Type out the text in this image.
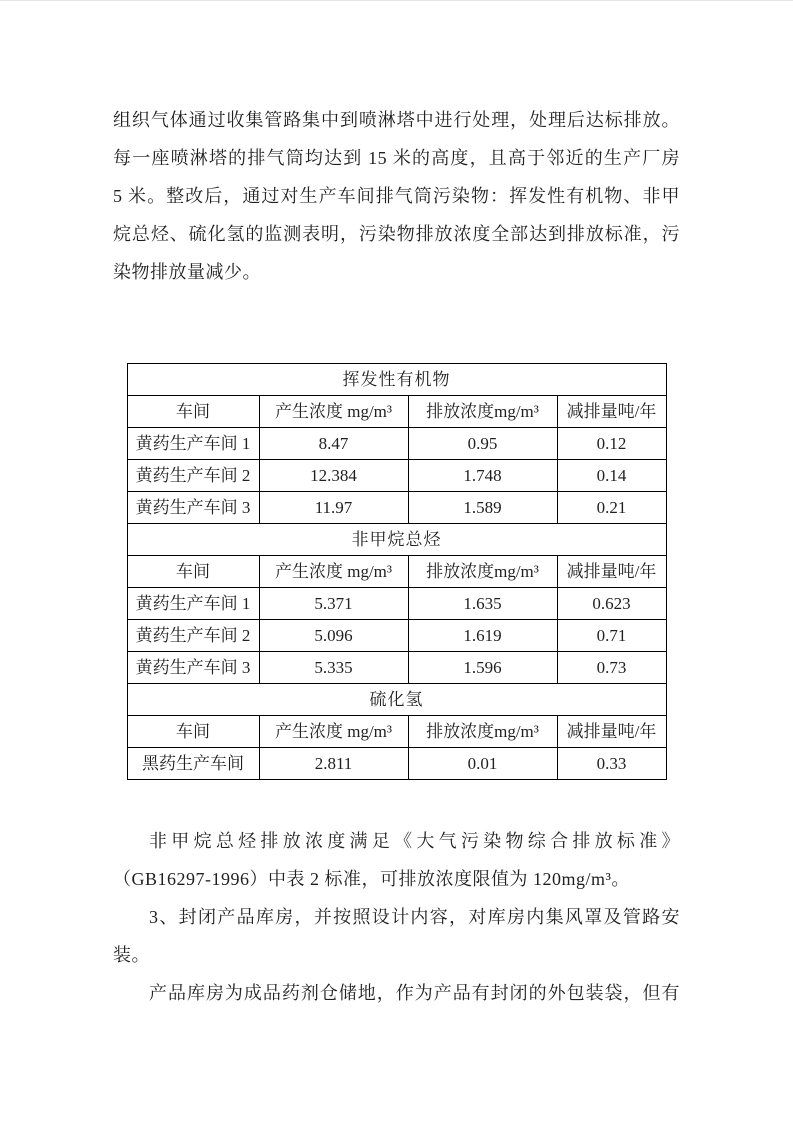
组织气体通过收集管路集中到喷淋塔中进行处理，处理后达标排放。
每一座喷淋塔的排气筒均达到 15 米的高度，且高于邻近的生产厂房
5 米。整改后，通过对生产车间排气筒污染物：挥发性有机物、非甲
烷总烃、硫化氢的监测表明，污染物排放浓度全部达到排放标准，污
染物排放量减少。
挥发性有机物			
车间	产生浓度 mg/m³	排放浓度mg/m³	减排量吨/年
黄药生产车间 1	8.47	0.95	0.12
黄药生产车间 2	12.384	1.748	0.14
黄药生产车间 3	11.97	1.589	0.21
非甲烷总烃			
车间	产生浓度 mg/m³	排放浓度mg/m³	减排量吨/年
黄药生产车间 1	5.371	1.635	0.623
黄药生产车间 2	5.096	1.619	0.71
黄药生产车间 3	5.335	1.596	0.73
硫化氢			
车间	产生浓度 mg/m³	排放浓度mg/m³	减排量吨/年
黑药生产车间	2.811	0.01	0.33
非甲烷总烃排放浓度满足《大气污染物综合排放标准》
（GB16297-1996）中表 2 标准，可排放浓度限值为 120mg/m³。
3、封闭产品库房，并按照设计内容，对库房内集风罩及管路安
装。
产品库房为成品药剂仓储地，作为产品有封闭的外包装袋，但有
